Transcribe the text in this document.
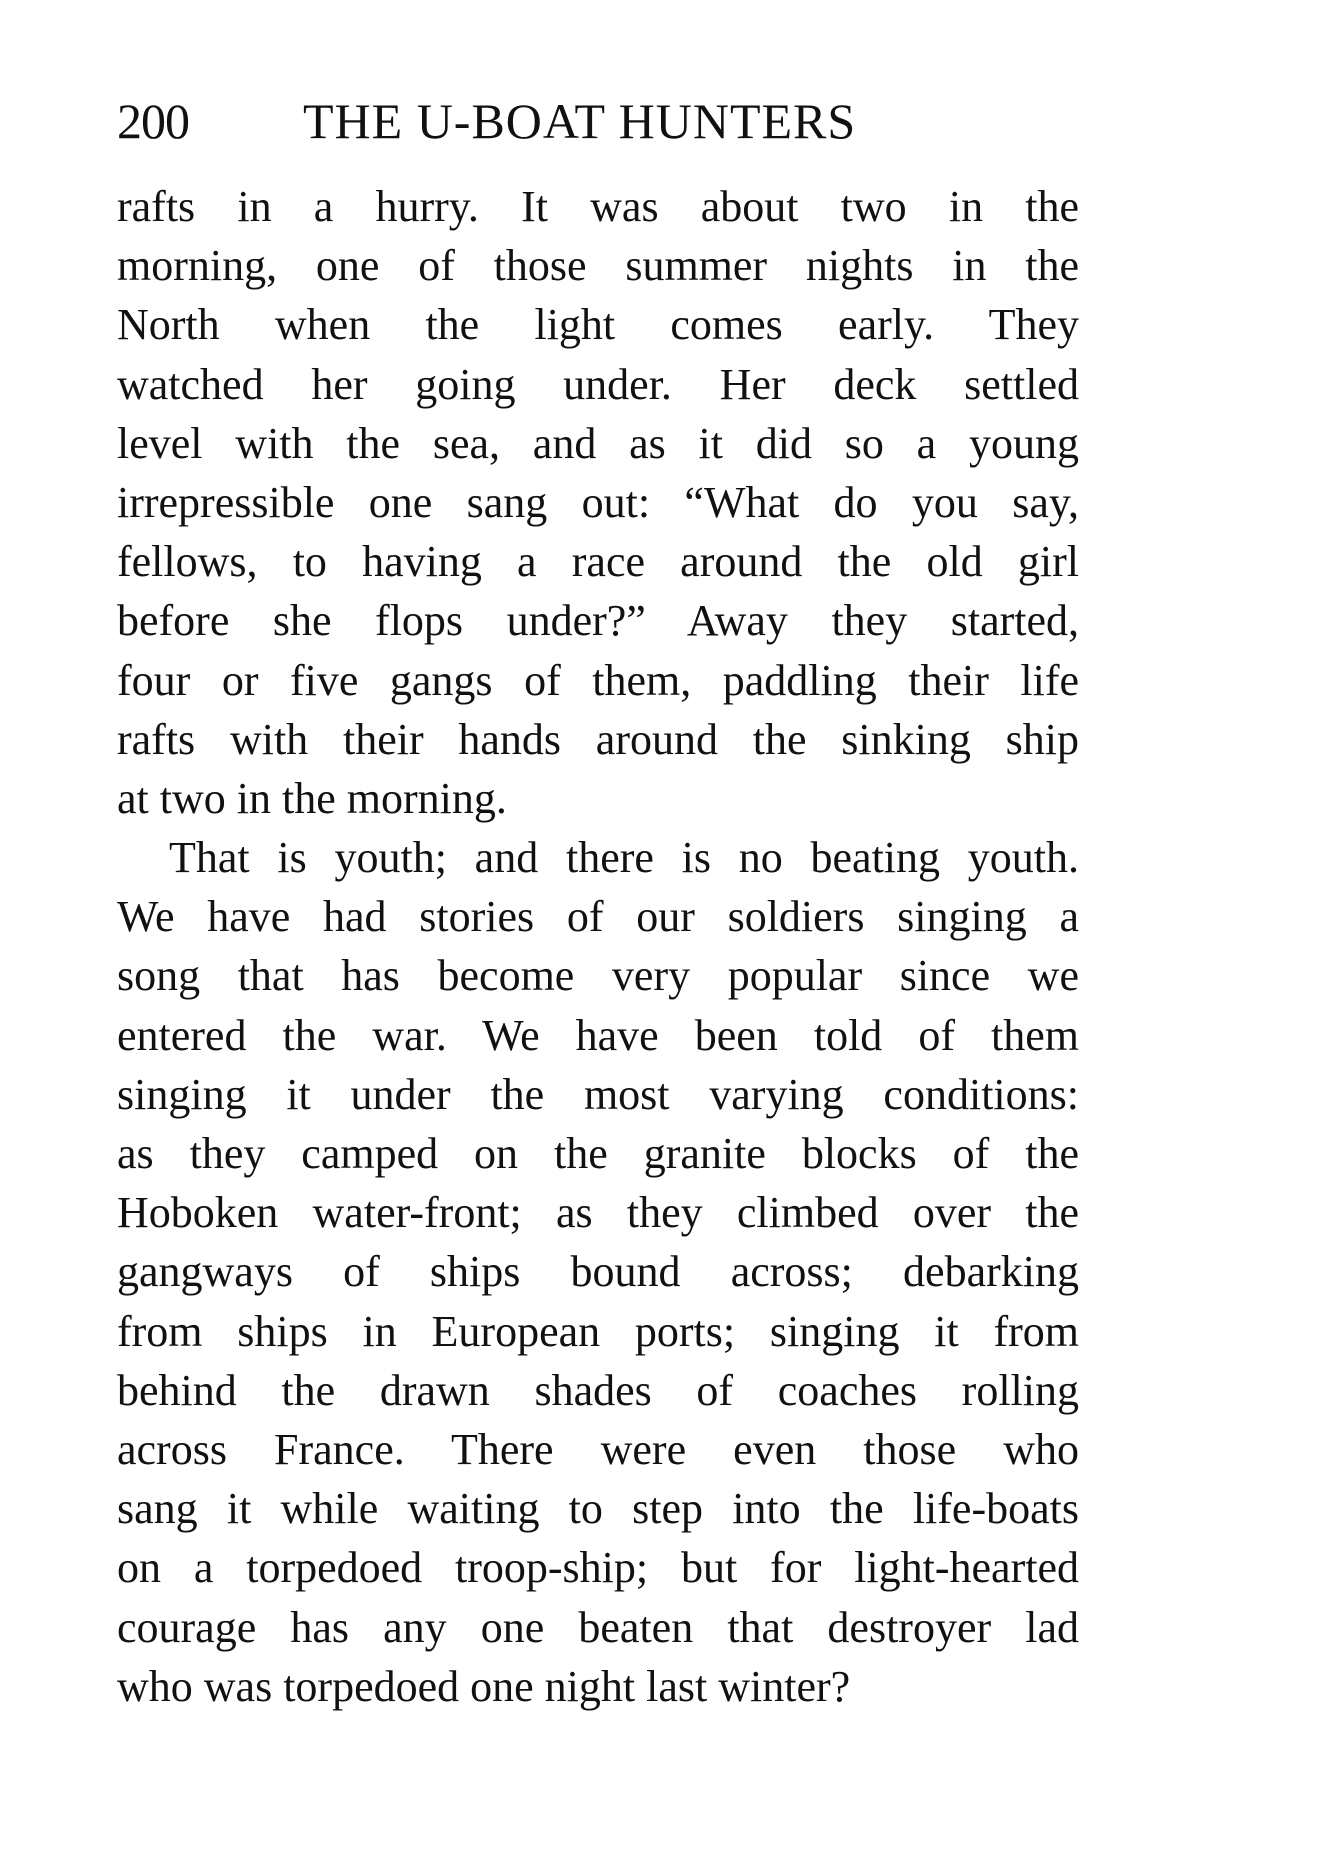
200 THE U-BOAT HUNTERS
rafts in a hurry. It was about two in the
morning, one of those summer nights in the
North when the light comes early. They
watched her going under. Her deck settled
level with the sea, and as it did so a young
irrepressible one sang out: “What do you say,
fellows, to having a race around the old girl
before she flops under?” Away they started,
four or five gangs of them, paddling their life
rafts with their hands around the sinking ship
at two in the morning.
That is youth; and there is no beating youth.
We have had stories of our soldiers singing a
song that has become very popular since we
entered the war. We have been told of them
singing it under the most varying conditions:
as they camped on the granite blocks of the
Hoboken water-front; as they climbed over the
gangways of ships bound across; debarking
from ships in European ports; singing it from
behind the drawn shades of coaches rolling
across France. There were even those who
sang it while waiting to step into the life-boats
on a torpedoed troop-ship; but for light-hearted
courage has any one beaten that destroyer lad
who was torpedoed one night last winter?
